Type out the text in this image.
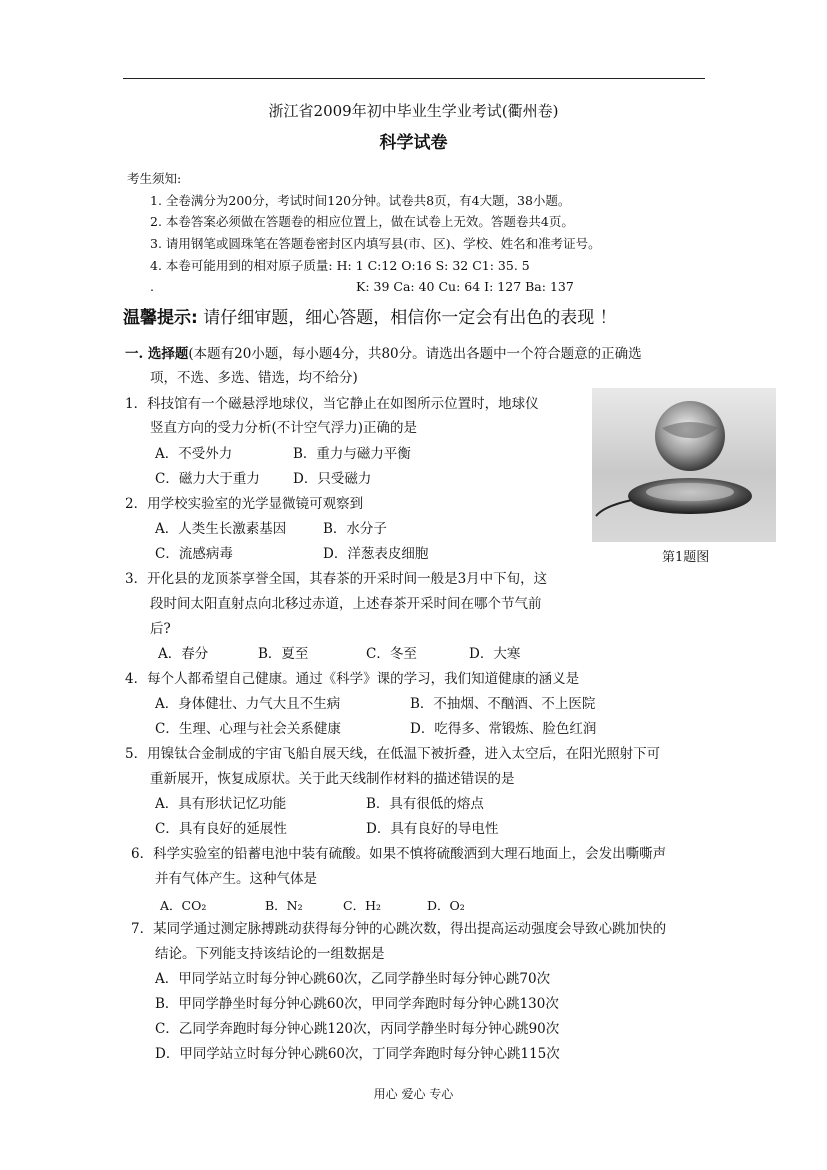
浙江省2009年初中毕业生学业考试(衢州卷)
科学试卷
考生须知:
1. 全卷满分为200分，考试时间120分钟。试卷共8页，有4大题，38小题。
2. 本卷答案必须做在答题卷的相应位置上，做在试卷上无效。答题卷共4页。
3. 请用钢笔或圆珠笔在答题卷密封区内填写县(市、区)、学校、姓名和准考证号。
4. 本卷可能用到的相对原子质量: H: 1 C:12 O:16 S: 32 C1: 35. 5
.	K: 39 Ca: 40 Cu: 64 I: 127 Ba: 137
温馨提示: 请仔细审题，细心答题，相信你一定会有出色的表现 ！
一. 选择题(本题有20小题，每小题4分，共80分。请选出各题中一个符合题意的正确选
项，不选、多选、错选，均不给分)
1．科技馆有一个磁悬浮地球仪，当它静止在如图所示位置时，地球仪
竖直方向的受力分析(不计空气浮力)正确的是
A．不受外力	B．重力与磁力平衡
C．磁力大于重力 D．只受磁力
第1题图
2．用学校实验室的光学显微镜可观察到
A．人类生长激素基因	B．水分子
C．流感病毒	D．洋葱表皮细胞
3．开化县的龙顶茶享誉全国，其春茶的开采时间一般是3月中下旬，这
段时间太阳直射点向北移过赤道，上述春茶开采时间在哪个节气前
后?
A．春分	B．夏至	C．冬至	D．大寒
4．每个人都希望自己健康。通过《科学》课的学习，我们知道健康的涵义是
A．身体健壮、力气大且不生病	B．不抽烟、不酗酒、不上医院
C．生理、心理与社会关系健康	D．吃得多、常锻炼、脸色红润
5．用镍钛合金制成的宇宙飞船自展天线，在低温下被折叠，进入太空后，在阳光照射下可
重新展开，恢复成原状。关于此天线制作材料的描述错误的是
A．具有形状记忆功能	B．具有很低的熔点
C．具有良好的延展性	D．具有良好的导电性
6．科学实验室的铅蓄电池中装有硫酸。如果不慎将硫酸洒到大理石地面上，会发出嘶嘶声
并有气体产生。这种气体是
A．CO₂	B．N₂	C．H₂	D．O₂
7．某同学通过测定脉搏跳动获得每分钟的心跳次数，得出提高运动强度会导致心跳加快的
结论。下列能支持该结论的一组数据是
A．甲同学站立时每分钟心跳60次，乙同学静坐时每分钟心跳70次
B．甲同学静坐时每分钟心跳60次，甲同学奔跑时每分钟心跳130次
C．乙同学奔跑时每分钟心跳120次，丙同学静坐时每分钟心跳90次
D．甲同学站立时每分钟心跳60次，丁同学奔跑时每分钟心跳115次
用心 爱心 专心
